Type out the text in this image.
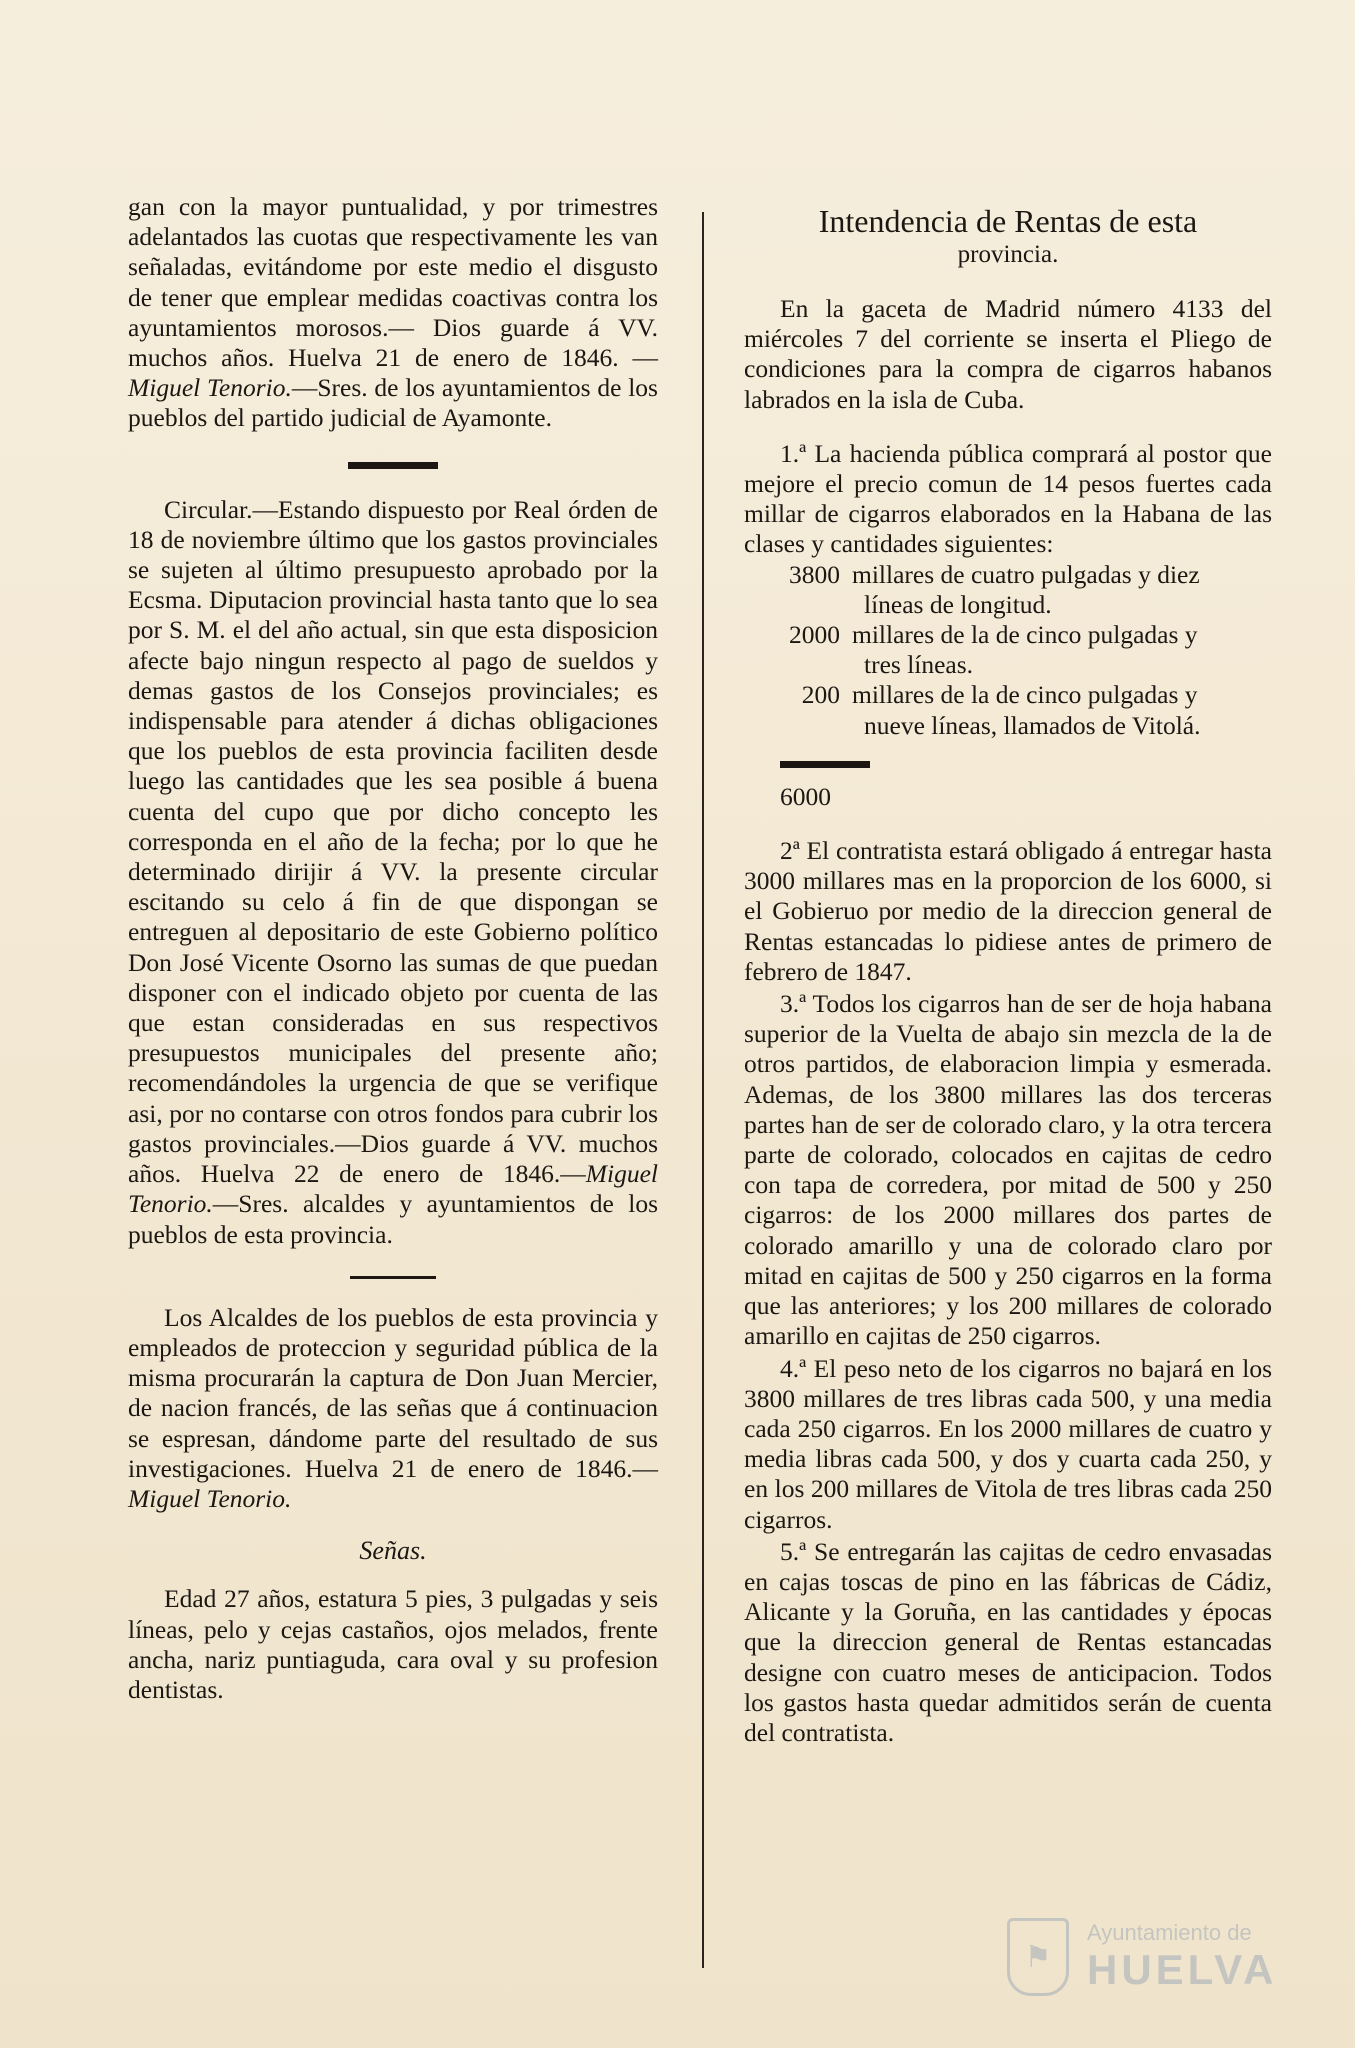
gan con la mayor puntualidad, y por trimestres adelantados las cuotas que respectivamente les van señaladas, evitándome por este medio el disgusto de tener que emplear medidas coactivas contra los ayuntamientos morosos.— Dios guarde á VV. muchos años. Huelva 21 de enero de 1846. —Miguel Tenorio.—Sres. de los ayuntamientos de los pueblos del partido judicial de Ayamonte.

Circular.—Estando dispuesto por Real órden de 18 de noviembre último que los gastos provinciales se sujeten al último presupuesto aprobado por la Ecsma. Diputacion provincial hasta tanto que lo sea por S. M. el del año actual, sin que esta disposicion afecte bajo ningun respecto al pago de sueldos y demas gastos de los Consejos provinciales; es indispensable para atender á dichas obligaciones que los pueblos de esta provincia faciliten desde luego las cantidades que les sea posible á buena cuenta del cupo que por dicho concepto les corresponda en el año de la fecha; por lo que he determinado dirijir á VV. la presente circular escitando su celo á fin de que dispongan se entreguen al depositario de este Gobierno político Don José Vicente Osorno las sumas de que puedan disponer con el indicado objeto por cuenta de las que estan consideradas en sus respectivos presupuestos municipales del presente año; recomendándoles la urgencia de que se verifique asi, por no contarse con otros fondos para cubrir los gastos provinciales.—Dios guarde á VV. muchos años. Huelva 22 de enero de 1846.—Miguel Tenorio.—Sres. alcaldes y ayuntamientos de los pueblos de esta provincia.

Los Alcaldes de los pueblos de esta provincia y empleados de proteccion y seguridad pública de la misma procurarán la captura de Don Juan Mercier, de nacion francés, de las señas que á continuacion se espresan, dándome parte del resultado de sus investigaciones. Huelva 21 de enero de 1846.—Miguel Tenorio.

Señas.

Edad 27 años, estatura 5 pies, 3 pulgadas y seis líneas, pelo y cejas castaños, ojos melados, frente ancha, nariz puntiaguda, cara oval y su profesion dentistas.

Intendencia de Rentas de esta
provincia.

En la gaceta de Madrid número 4133 del miércoles 7 del corriente se inserta el Pliego de condiciones para la compra de cigarros habanos labrados en la isla de Cuba.

1.ª La hacienda pública comprará al postor que mejore el precio comun de 14 pesos fuertes cada millar de cigarros elaborados en la Habana de las clases y cantidades siguientes:

3800 millares de cuatro pulgadas y diez
líneas de longitud.
2000 millares de la de cinco pulgadas y
tres líneas.
200 millares de la de cinco pulgadas y
nueve líneas, llamados de Vitolá.
6000

2ª El contratista estará obligado á entregar hasta 3000 millares mas en la proporcion de los 6000, si el Gobieruo por medio de la direccion general de Rentas estancadas lo pidiese antes de primero de febrero de 1847.

3.ª Todos los cigarros han de ser de hoja habana superior de la Vuelta de abajo sin mezcla de la de otros partidos, de elaboracion limpia y esmerada. Ademas, de los 3800 millares las dos terceras partes han de ser de colorado claro, y la otra tercera parte de colorado, colocados en cajitas de cedro con tapa de corredera, por mitad de 500 y 250 cigarros: de los 2000 millares dos partes de colorado amarillo y una de colorado claro por mitad en cajitas de 500 y 250 cigarros en la forma que las anteriores; y los 200 millares de colorado amarillo en cajitas de 250 cigarros.

4.ª El peso neto de los cigarros no bajará en los 3800 millares de tres libras cada 500, y una media cada 250 cigarros. En los 2000 millares de cuatro y media libras cada 500, y dos y cuarta cada 250, y en los 200 millares de Vitola de tres libras cada 250 cigarros.

5.ª Se entregarán las cajitas de cedro envasadas en cajas toscas de pino en las fábricas de Cádiz, Alicante y la Goruña, en las cantidades y épocas que la direccion general de Rentas estancadas designe con cuatro meses de anticipacion. Todos los gastos hasta quedar admitidos serán de cuenta del contratista.

⚑
Ayuntamiento de
HUELVA
